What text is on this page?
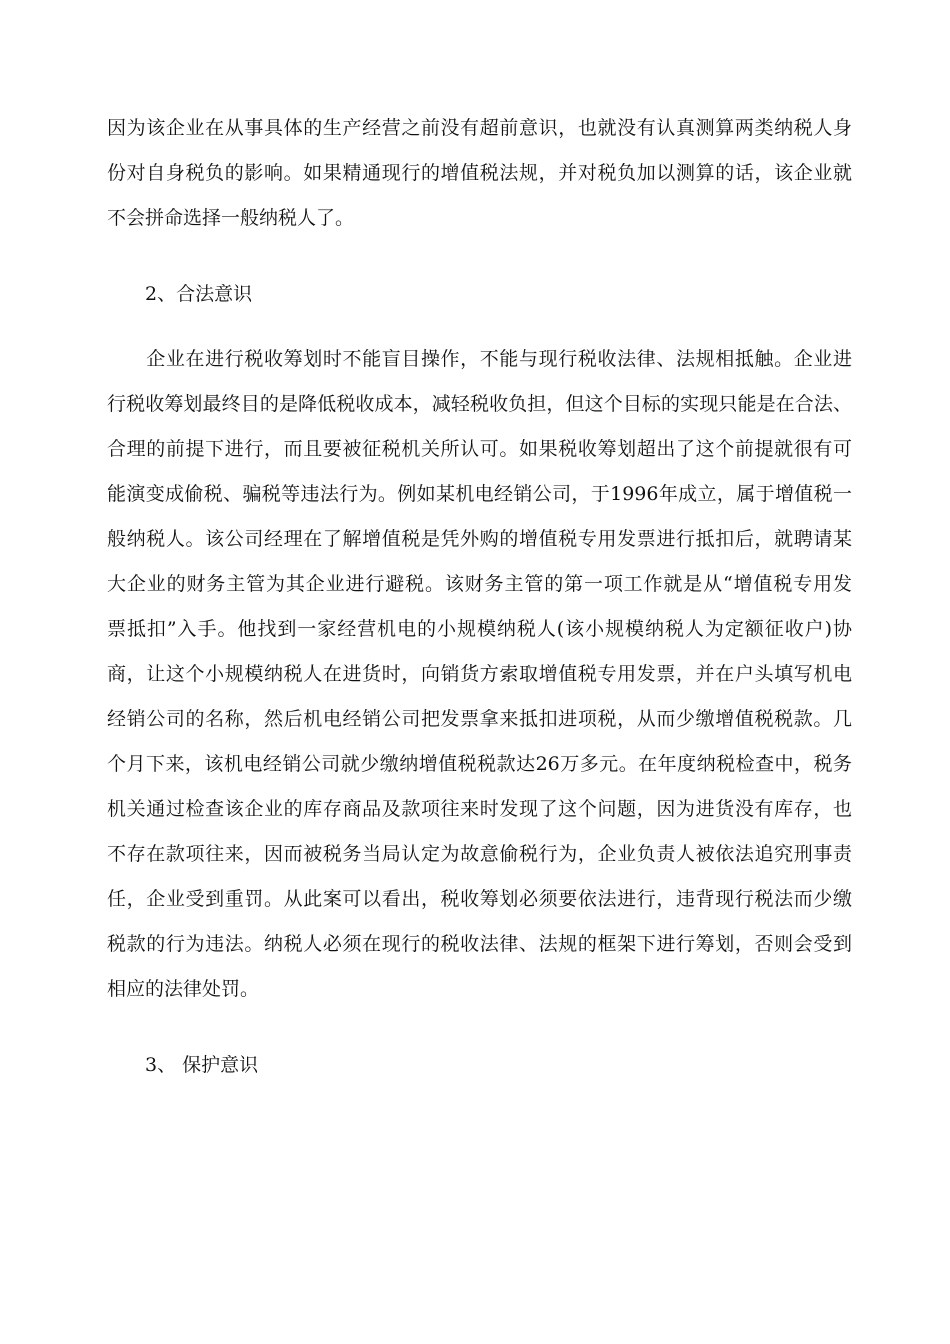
因为该企业在从事具体的生产经营之前没有超前意识，也就没有认真测算两类纳税人身
份对自身税负的影响。如果精通现行的增值税法规，并对税负加以测算的话，该企业就
不会拼命选择一般纳税人了。
2、合法意识
　　企业在进行税收筹划时不能盲目操作，不能与现行税收法律、法规相抵触。企业进
行税收筹划最终目的是降低税收成本，减轻税收负担，但这个目标的实现只能是在合法、
合理的前提下进行，而且要被征税机关所认可。如果税收筹划超出了这个前提就很有可
能演变成偷税、骗税等违法行为。例如某机电经销公司，于1996年成立，属于增值税一
般纳税人。该公司经理在了解增值税是凭外购的增值税专用发票进行抵扣后，就聘请某
大企业的财务主管为其企业进行避税。该财务主管的第一项工作就是从“增值税专用发
票抵扣”入手。他找到一家经营机电的小规模纳税人(该小规模纳税人为定额征收户)协
商，让这个小规模纳税人在进货时，向销货方索取增值税专用发票，并在户头填写机电
经销公司的名称，然后机电经销公司把发票拿来抵扣进项税，从而少缴增值税税款。几
个月下来，该机电经销公司就少缴纳增值税税款达26万多元。在年度纳税检查中，税务
机关通过检查该企业的库存商品及款项往来时发现了这个问题，因为进货没有库存，也
不存在款项往来，因而被税务当局认定为故意偷税行为，企业负责人被依法追究刑事责
任，企业受到重罚。从此案可以看出，税收筹划必须要依法进行，违背现行税法而少缴
税款的行为违法。纳税人必须在现行的税收法律、法规的框架下进行筹划，否则会受到
相应的法律处罚。
3、 保护意识
